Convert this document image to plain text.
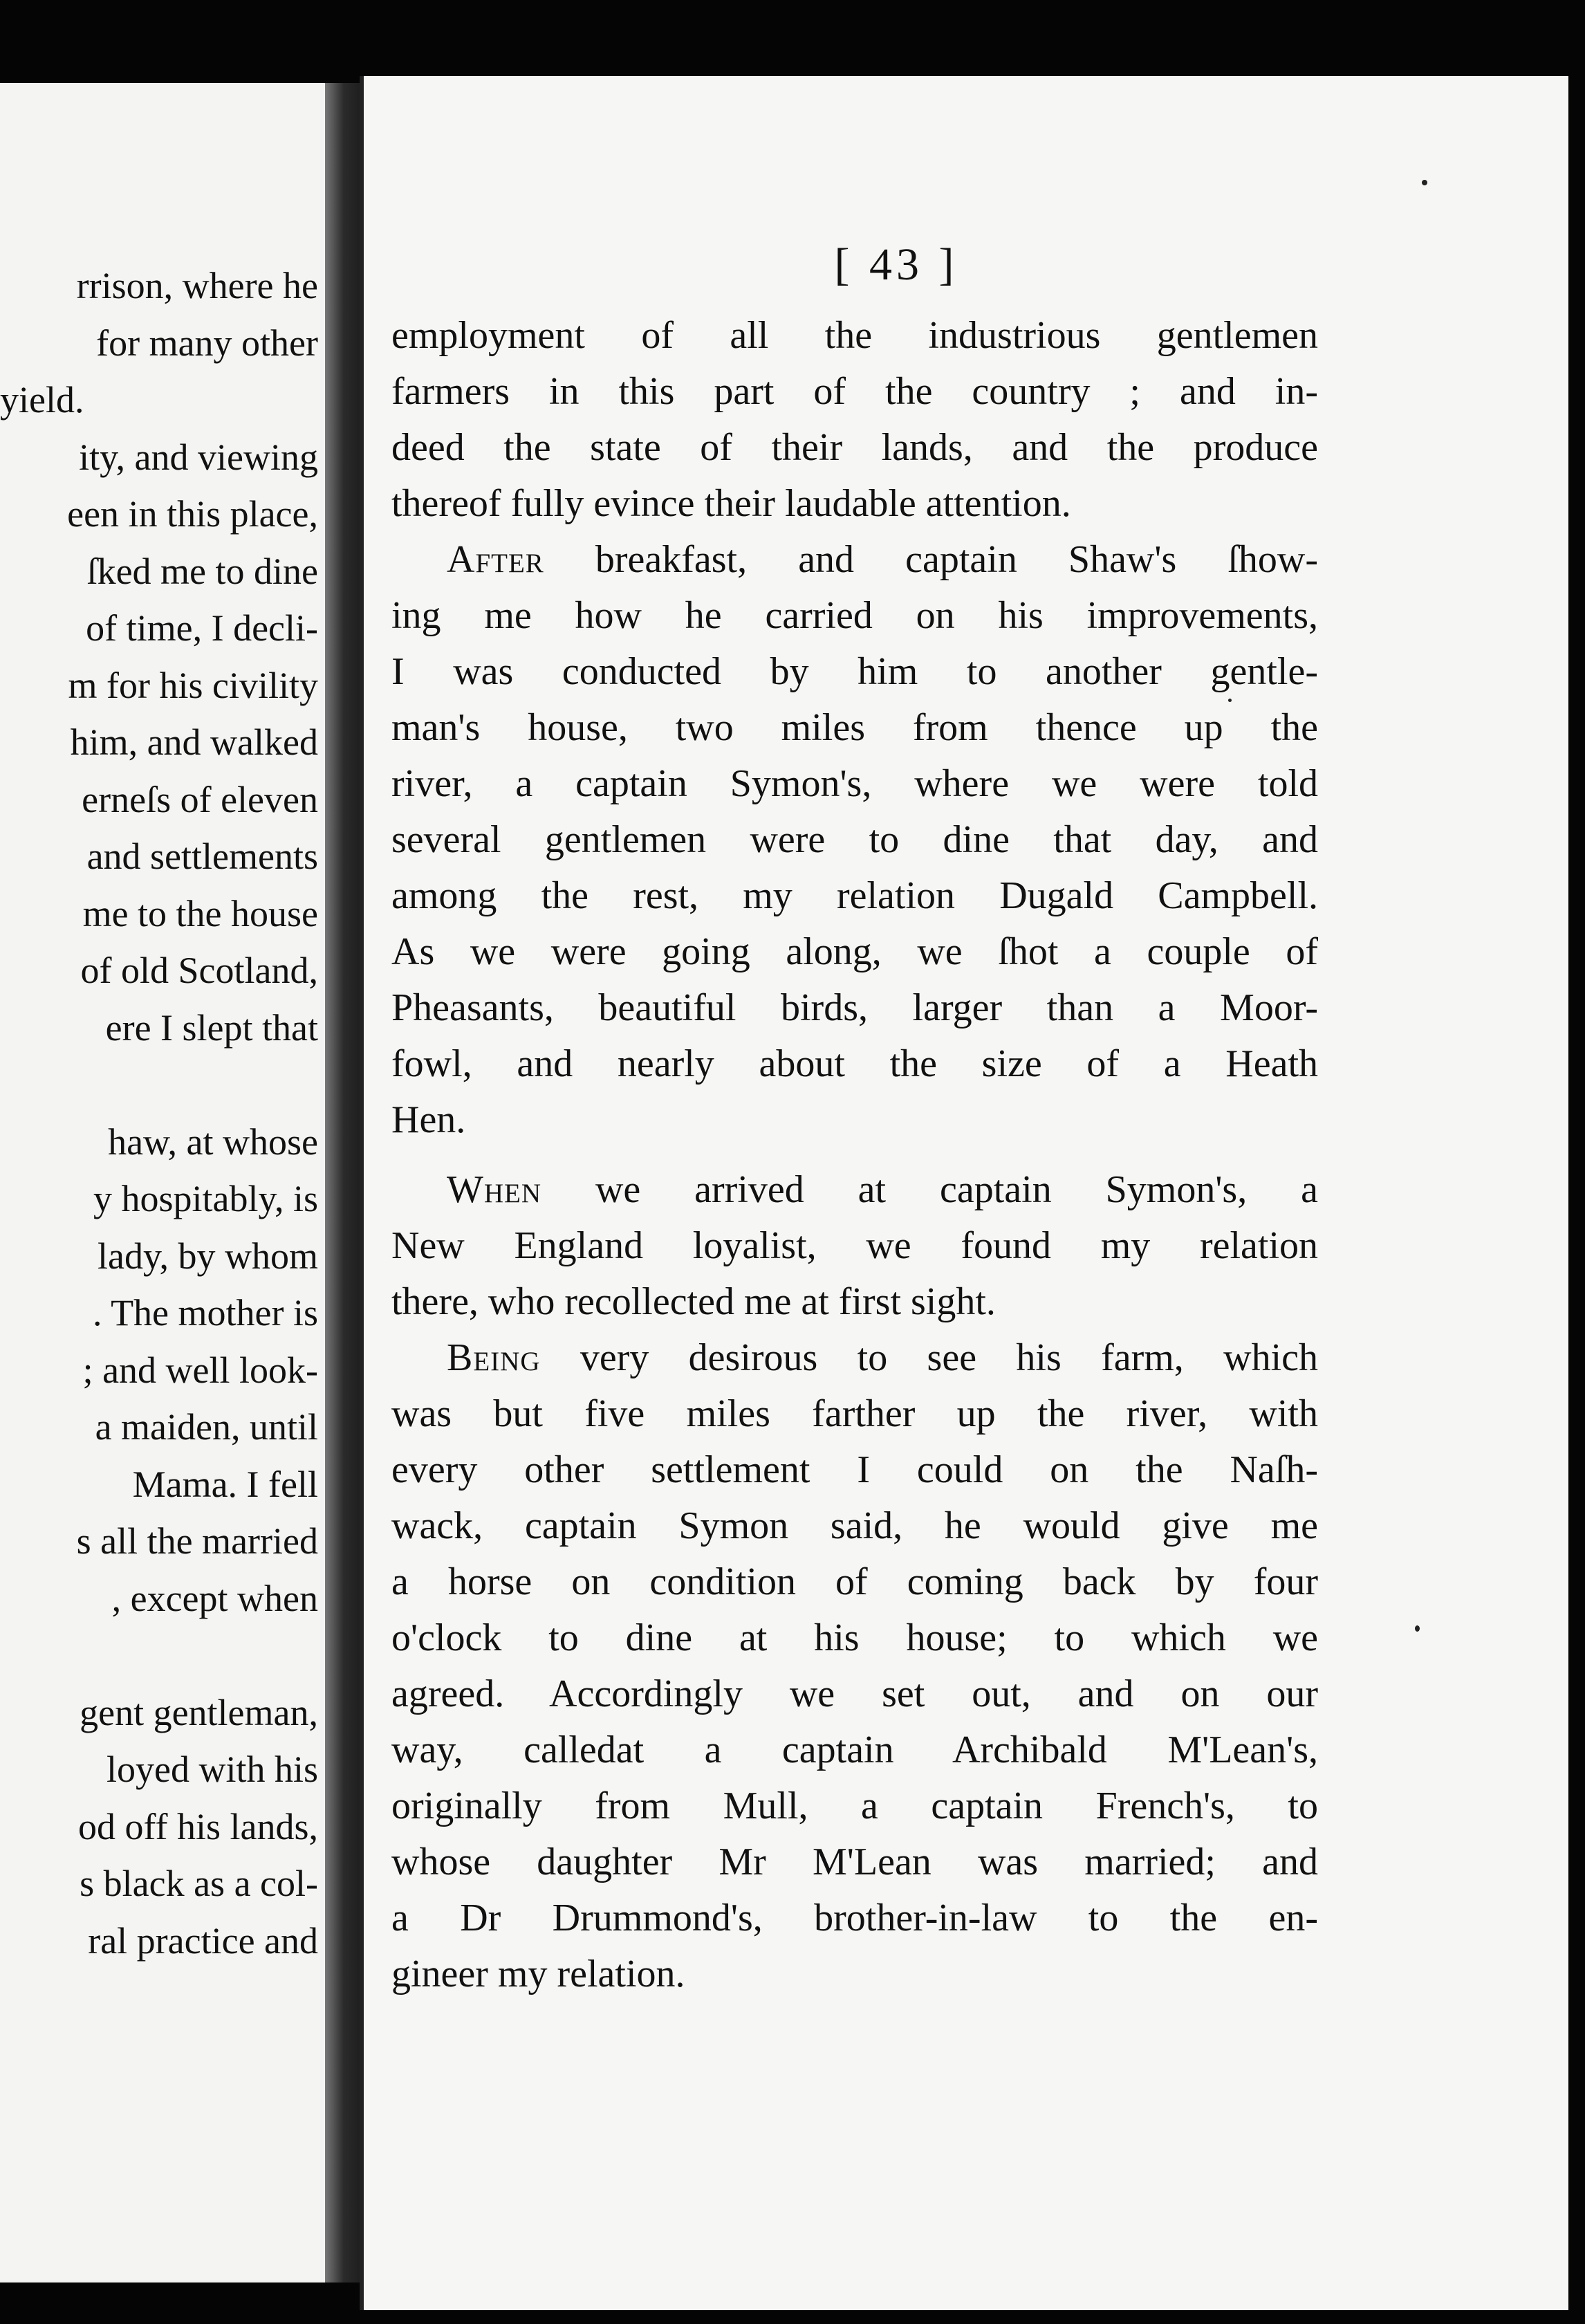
rrison, where he
for many other
yield.
ity, and viewing
een in this place,
ſked me to dine
of time, I decli-
m for his civility
him, and walked
erneſs of eleven
and settlements
me to the house
of old Scotland,
ere I slept that
haw, at whose
y hospitably, is
lady, by whom
. The mother is
; and well look-
a maiden, until
Mama. I fell
s all the married
, except when
gent gentleman,
loyed with his
od off his lands,
s black as a col-
ral practice and
[ 43 ]
employment of all the industrious gentlemen
farmers in this part of the country ; and in-
deed the state of their lands, and the produce
thereof fully evince their laudable attention.
After breakfast, and captain Shaw's ſhow-
ing me how he carried on his improvements,
I was conducted by him to another gentle-
man's house, two miles from thence up the
river, a captain Symon's, where we were told
several gentlemen were to dine that day, and
among the rest, my relation Dugald Campbell.
As we were going along, we ſhot a couple of
Pheasants, beautiful birds, larger than a Moor-
fowl, and nearly about the size of a Heath
Hen.
When we arrived at captain Symon's, a
New England loyalist, we found my relation
there, who recollected me at first sight.
Being very desirous to see his farm, which
was but five miles farther up the river, with
every other settlement I could on the Naſh-
wack, captain Symon said, he would give me
a horse on condition of coming back by four
o'clock to dine at his house; to which we
agreed. Accordingly we set out, and on our
way, calledat a captain Archibald M'Lean's,
originally from Mull, a captain French's, to
whose daughter Mr M'Lean was married; and
a Dr Drummond's, brother-in-law to the en-
gineer my relation.
